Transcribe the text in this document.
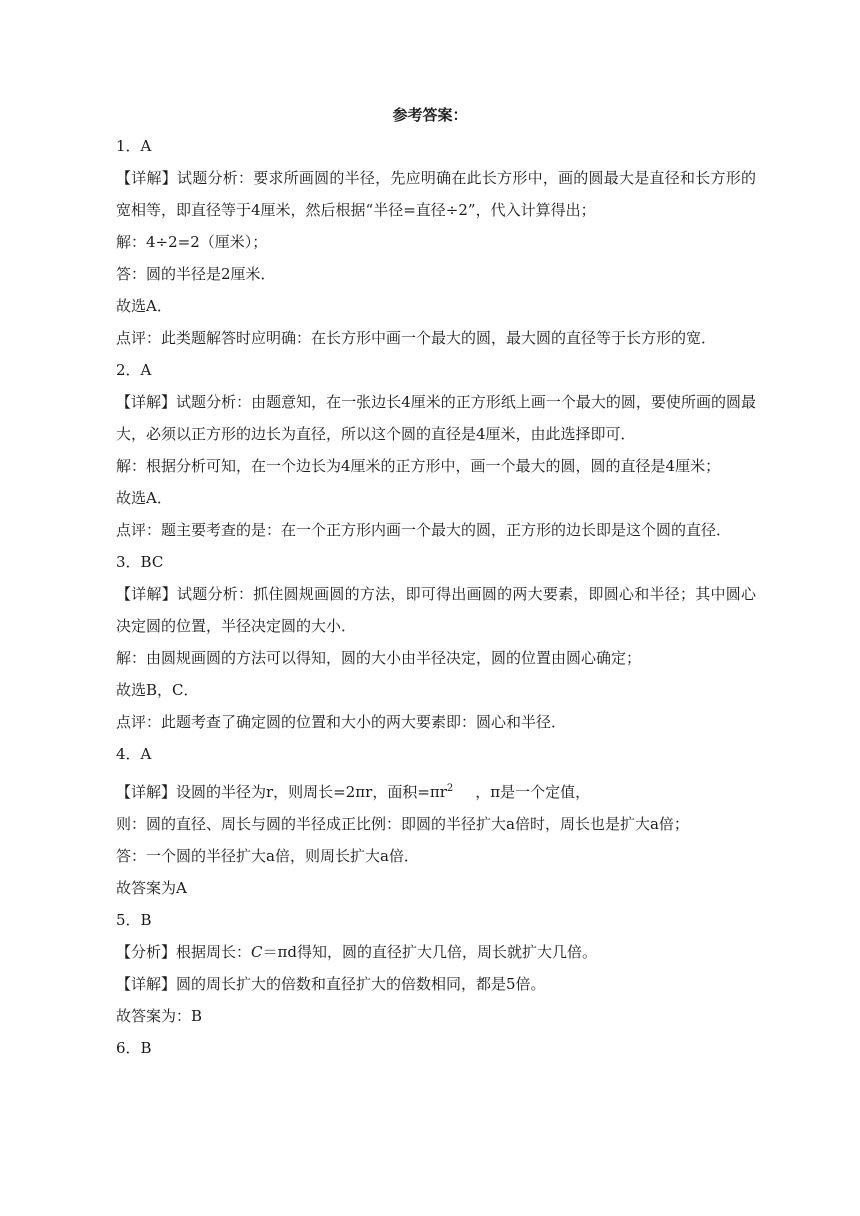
参考答案：

1．A

【详解】试题分析：要求所画圆的半径，先应明确在此长方形中，画的圆最大是直径和长方形的宽相等，即直径等于4厘米，然后根据“半径=直径÷2”，代入计算得出；

解：4÷2=2（厘米）；

答：圆的半径是2厘米．

故选A．

点评：此类题解答时应明确：在长方形中画一个最大的圆，最大圆的直径等于长方形的宽．

2．A

【详解】试题分析：由题意知，在一张边长4厘米的正方形纸上画一个最大的圆，要使所画的圆最大，必须以正方形的边长为直径，所以这个圆的直径是4厘米，由此选择即可．

解：根据分析可知，在一个边长为4厘米的正方形中，画一个最大的圆，圆的直径是4厘米；

故选A．

点评：题主要考查的是：在一个正方形内画一个最大的圆，正方形的边长即是这个圆的直径．

3．BC

【详解】试题分析：抓住圆规画圆的方法，即可得出画圆的两大要素，即圆心和半径；其中圆心决定圆的位置，半径决定圆的大小．

解：由圆规画圆的方法可以得知，圆的大小由半径决定，圆的位置由圆心确定；

故选B，C．

点评：此题考查了确定圆的位置和大小的两大要素即：圆心和半径．

4．A

【详解】设圆的半径为r，则周长=2πr，面积$=\pi r^2$ ，π是一个定值，

则：圆的直径、周长与圆的半径成正比例：即圆的半径扩大a倍时，周长也是扩大a倍；

答：一个圆的半径扩大a倍，则周长扩大a倍．

故答案为A

5．B

【分析】根据周长：C＝πd得知，圆的直径扩大几倍，周长就扩大几倍。

【详解】圆的周长扩大的倍数和直径扩大的倍数相同，都是5倍。

故答案为：B

6．B
